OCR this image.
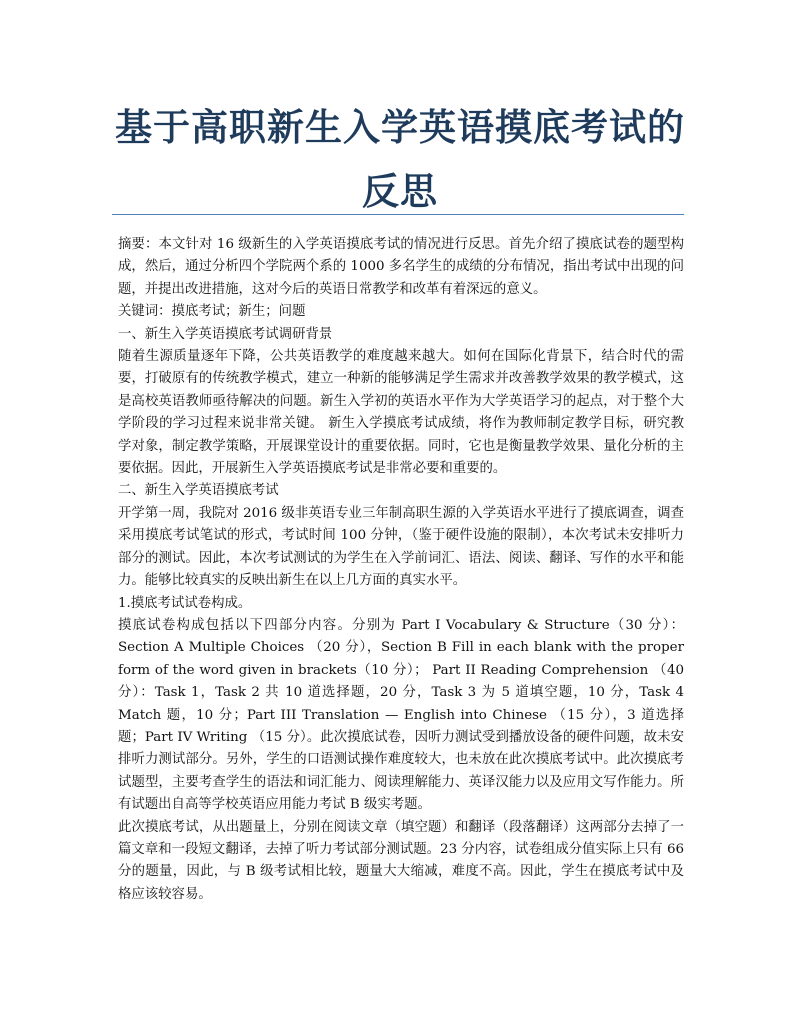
基于高职新生入学英语摸底考试的反思

摘要：本文针对 16 级新生的入学英语摸底考试的情况进行反思。首先介绍了摸底试卷的题型构成，然后，通过分析四个学院两个系的 1000 多名学生的成绩的分布情况，指出考试中出现的问题，并提出改进措施，这对今后的英语日常教学和改革有着深远的意义。

关键词：摸底考试；新生；问题

一、新生入学英语摸底考试调研背景

随着生源质量逐年下降，公共英语教学的难度越来越大。如何在国际化背景下，结合时代的需要，打破原有的传统教学模式，建立一种新的能够满足学生需求并改善教学效果的教学模式，这是高校英语教师亟待解决的问题。新生入学初的英语水平作为大学英语学习的起点，对于整个大学阶段的学习过程来说非常关键。 新生入学摸底考试成绩，将作为教师制定教学目标，研究教学对象，制定教学策略，开展课堂设计的重要依据。同时，它也是衡量教学效果、量化分析的主要依据。因此，开展新生入学英语摸底考试是非常必要和重要的。

二、新生入学英语摸底考试

开学第一周，我院对 2016 级非英语专业三年制高职生源的入学英语水平进行了摸底调查，调查采用摸底考试笔试的形式，考试时间 100 分钟，（鉴于硬件设施的限制），本次考试未安排听力部分的测试。因此，本次考试测试的为学生在入学前词汇、语法、阅读、翻译、写作的水平和能力。能够比较真实的反映出新生在以上几方面的真实水平。

1.摸底考试试卷构成。

摸底试卷构成包括以下四部分内容。分别为 Part I Vocabulary & Structure（30 分）：Section A Multiple Choices （20 分），Section B Fill in each blank with the proper form of the word given in brackets（10 分）； Part II Reading Comprehension （40 分）：Task 1，Task 2 共 10 道选择题，20 分，Task 3 为 5 道填空题，10 分，Task 4 Match 题，10 分；Part III Translation — English into Chinese （15 分），3 道选择题；Part IV Writing （15 分）。此次摸底试卷，因听力测试受到播放设备的硬件问题，故未安排听力测试部分。另外，学生的口语测试操作难度较大，也未放在此次摸底考试中。此次摸底考试题型，主要考查学生的语法和词汇能力、阅读理解能力、英译汉能力以及应用文写作能力。所有试题出自高等学校英语应用能力考试 B 级实考题。

此次摸底考试，从出题量上，分别在阅读文章（填空题）和翻译（段落翻译）这两部分去掉了一篇文章和一段短文翻译，去掉了听力考试部分测试题。23 分内容，试卷组成分值实际上只有 66 分的题量，因此，与 B 级考试相比较，题量大大缩减，难度不高。因此，学生在摸底考试中及格应该较容易。
